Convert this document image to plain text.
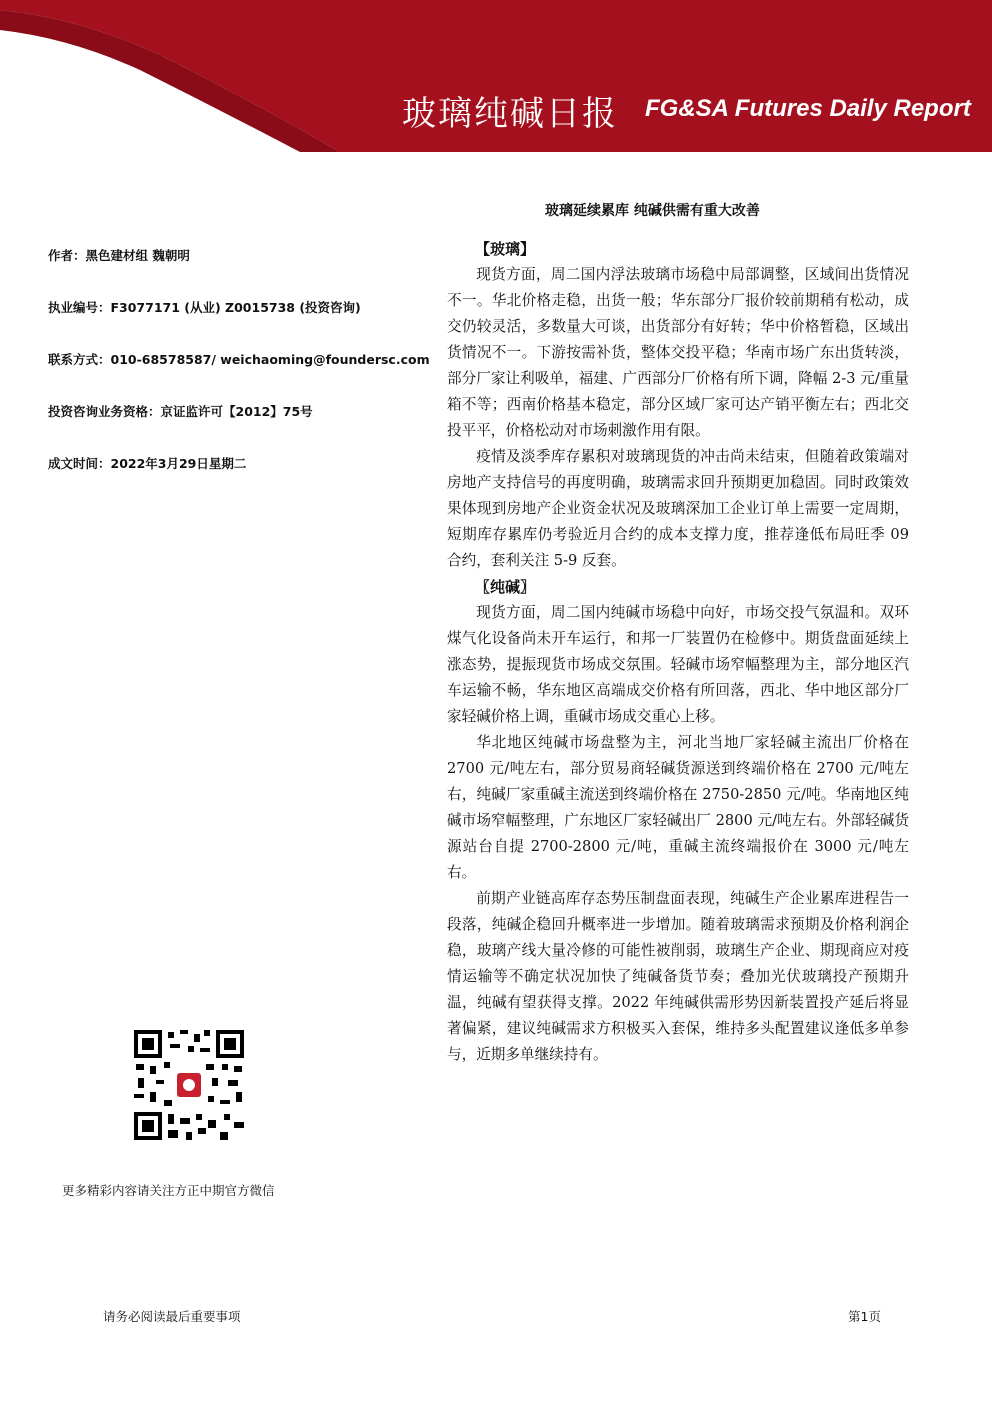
玻璃纯碱日报 FG&SA Futures Daily Report
玻璃延续累库 纯碱供需有重大改善
作者：黑色建材组 魏朝明
执业编号：F3077171 (从业) Z0015738 (投资咨询)
联系方式：010-68578587/ weichaoming@foundersc.com
投资咨询业务资格：京证监许可【2012】75号
成文时间：2022年3月29日星期二
【玻璃】

现货方面，周二国内浮法玻璃市场稳中局部调整，区域间出货情况不一。华北价格走稳，出货一般；华东部分厂报价较前期稍有松动，成交仍较灵活，多数量大可谈，出货部分有好转；华中价格暂稳，区域出货情况不一。下游按需补货，整体交投平稳；华南市场广东出货转淡，部分厂家让利吸单，福建、广西部分厂价格有所下调，降幅 2-3 元/重量箱不等；西南价格基本稳定，部分区域厂家可达产销平衡左右；西北交投平平，价格松动对市场刺激作用有限。

疫情及淡季库存累积对玻璃现货的冲击尚未结束，但随着政策端对房地产支持信号的再度明确，玻璃需求回升预期更加稳固。同时政策效果体现到房地产企业资金状况及玻璃深加工企业订单上需要一定周期，短期库存累库仍考验近月合约的成本支撑力度，推荐逢低布局旺季 09 合约，套利关注 5-9 反套。

〖纯碱〗

现货方面，周二国内纯碱市场稳中向好，市场交投气氛温和。双环煤气化设备尚未开车运行，和邦一厂装置仍在检修中。期货盘面延续上涨态势，提振现货市场成交氛围。轻碱市场窄幅整理为主，部分地区汽车运输不畅，华东地区高端成交价格有所回落，西北、华中地区部分厂家轻碱价格上调，重碱市场成交重心上移。

华北地区纯碱市场盘整为主，河北当地厂家轻碱主流出厂价格在 2700 元/吨左右，部分贸易商轻碱货源送到终端价格在 2700 元/吨左右，纯碱厂家重碱主流送到终端价格在 2750-2850 元/吨。华南地区纯碱市场窄幅整理，广东地区厂家轻碱出厂 2800 元/吨左右。外部轻碱货源站台自提 2700-2800 元/吨，重碱主流终端报价在 3000 元/吨左右。

前期产业链高库存态势压制盘面表现，纯碱生产企业累库进程告一段落，纯碱企稳回升概率进一步增加。随着玻璃需求预期及价格利润企稳，玻璃产线大量冷修的可能性被削弱，玻璃生产企业、期现商应对疫情运输等不确定状况加快了纯碱备货节奏；叠加光伏玻璃投产预期升温，纯碱有望获得支撑。2022 年纯碱供需形势因新装置投产延后将显著偏紧，建议纯碱需求方积极买入套保，维持多头配置建议逢低多单参与，近期多单继续持有。

更多精彩内容请关注方正中期官方微信
请务必阅读最后重要事项	第1页
